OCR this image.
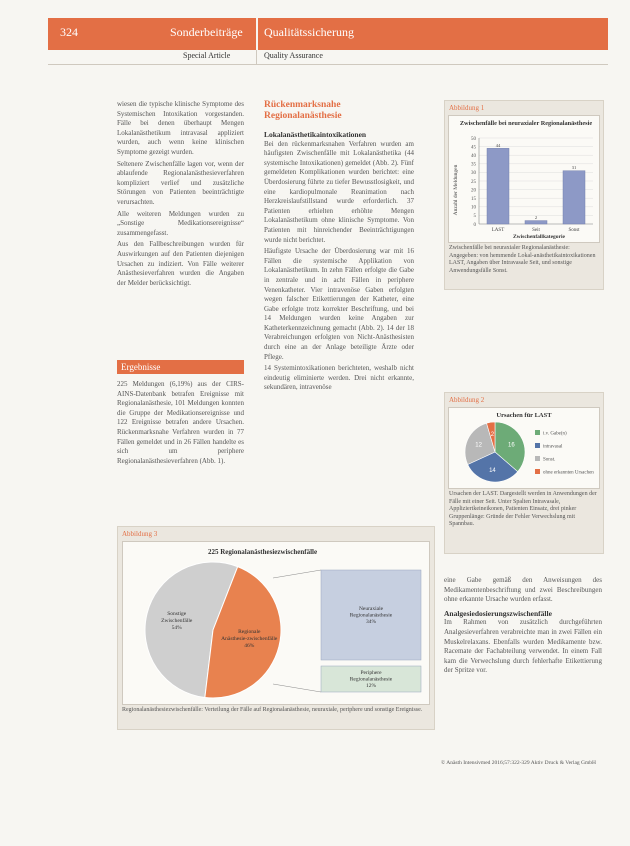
324	Sonderbeiträge Qualitätssicherung
Special Article	Quality Assurance

wiesen die typische klinische Symptome des Systemischen Intoxikation vorgestanden. Fälle bei denen überhaupt Mengen Lokalanästhetikum intravasal appliziert wurden, auch wenn keine klinischen Symptome gezeigt wurden.

Seltenere Zwischenfälle lagen vor, wenn der ablaufende Regionalanästhesieverfahren kompliziert verlief und zusätzliche Störungen von Patienten beeinträchtigte verursachten.

Alle weiteren Meldungen wurden zu „Sonstige Medikationsereignisse“ zusammengefasst.

Aus den Fallbeschreibungen wurden für Auswirkungen auf den Patienten diejenigen Ursachen zu indiziert. Von Fälle weiterer Anästhesieverfahren wurden die Angaben der Melder berücksichtigt.

Ergebnisse

225 Meldungen (6,19%) aus der CIRS-AINS-Datenbank betrafen Ereignisse mit Regionalanästhesie, 101 Meldungen konnten die Gruppe der Medikationsereignisse und 122 Ereignisse betrafen andere Ursachen. Rückenmarksnahe Verfahren wurden in 77 Fällen gemeldet und in 26 Fällen handelte es sich um periphere Regionalanästhesieverfahren (Abb. 1).

Rückenmarksnahe Regionalanästhesie
Lokalanästhetikaintoxikationen

Bei den rückenmarksnahen Verfahren wurden am häufigsten Zwischenfälle mit Lokalanästhetika (44 systemische Intoxikationen) gemeldet (Abb. 2). Fünf gemeldeten Komplikationen wurden berichtet: eine Überdosierung führte zu tiefer Bewusstlosigkeit, und eine kardiopulmonale Reanimation nach Herzkreislaufstillstand wurde erforderlich. 37 Patienten erhielten erhöhte Mengen Lokalanästhetikum ohne klinische Symptome. Von Patienten mit hinreichender Beeinträchtigungen wurde nicht berichtet.

Häufigste Ursache der Überdosierung war mit 16 Fällen die systemische Applikation von Lokalanästhetikum. In zehn Fällen erfolgte die Gabe in zentrale und in acht Fällen in periphere Venenkatheter. Vier intravenöse Gaben erfolgten wegen falscher Etikettierungen der Katheter, eine Gabe erfolgte trotz korrekter Beschriftung, und bei 14 Meldungen wurden keine Angaben zur Katheterkennzeichnung gemacht (Abb. 2). 14 der 18 Verabreichungen erfolgten von Nicht-Anästhesisten durch eine an der Anlage beteiligte Ärzte oder Pflege.

14 Systemintoxikationen berichteten, weshalb nicht eindeutig eliminierte werden. Drei nicht erkannte, sekundären, intravenöse

Abbildung 1
Zwischenfälle bei neuraxialer Regionalanästhesie
Anzahl der Meldungen
Zwischenfallkategorie
0
5
10
15
20
25
30
35
40
45
50
44
LAST
2
Seit
31
Sonst
Zwischenfälle bei neuraxialer Regionalanästhesie: Angegeben: von hemmende Lokal-anästhetikaintoxikationen LAST, Angaben über Intravasale Seit, und sonstige Anwendungsfälle Sonst.
Abbildung 2
Ursachen für LAST
16
14
12
2	i.v. Gabe(n)
intravasal
Sonst.
ohne erkannten Ursachen
Ursachen der LAST. Dargestellt werden in Anwendungen der Fälle mit einer Seit. Unter Spalten Intravasale, Appliziertkeineikonen, Patienten Einsatz, drei pinker Gruppenlänge: Gründe der Fehler Verwechslung mit Spannbau.
Abbildung 3
225 Regionalanästhesiezwischenfälle
Sonstige
Zwischenfälle
54%
Regionale
Anästhesie-zwischenfälle
46%
Neuraxiale
Regionalanästhesie
34%
Periphere
Regionalanästhesie
12%
Regionalanästhesiezwischenfälle: Verteilung der Fälle auf Regionalanästhesie, neuraxiale, periphere und sonstige Ereignisse.

eine Gabe gemäß den Anweisungen des Medikamentenbeschriftung und zwei Beschreibungen ohne erkannte Ursache wurden erfasst.

Analgesiedosierungszwischenfälle

Im Rahmen von zusätzlich durchgeführten Analgesieverfahren verabreichte man in zwei Fällen ein Muskelrelaxans. Ebenfalls wurden Medikamente bzw. Racemate der Fachabteilung verwendet. In einem Fall kam die Verwechslung durch fehlerhafte Etikettierung der Spritze vor.

© Anästh Intensivmed 2016;57:322-329 Aktiv Druck & Verlag GmbH
